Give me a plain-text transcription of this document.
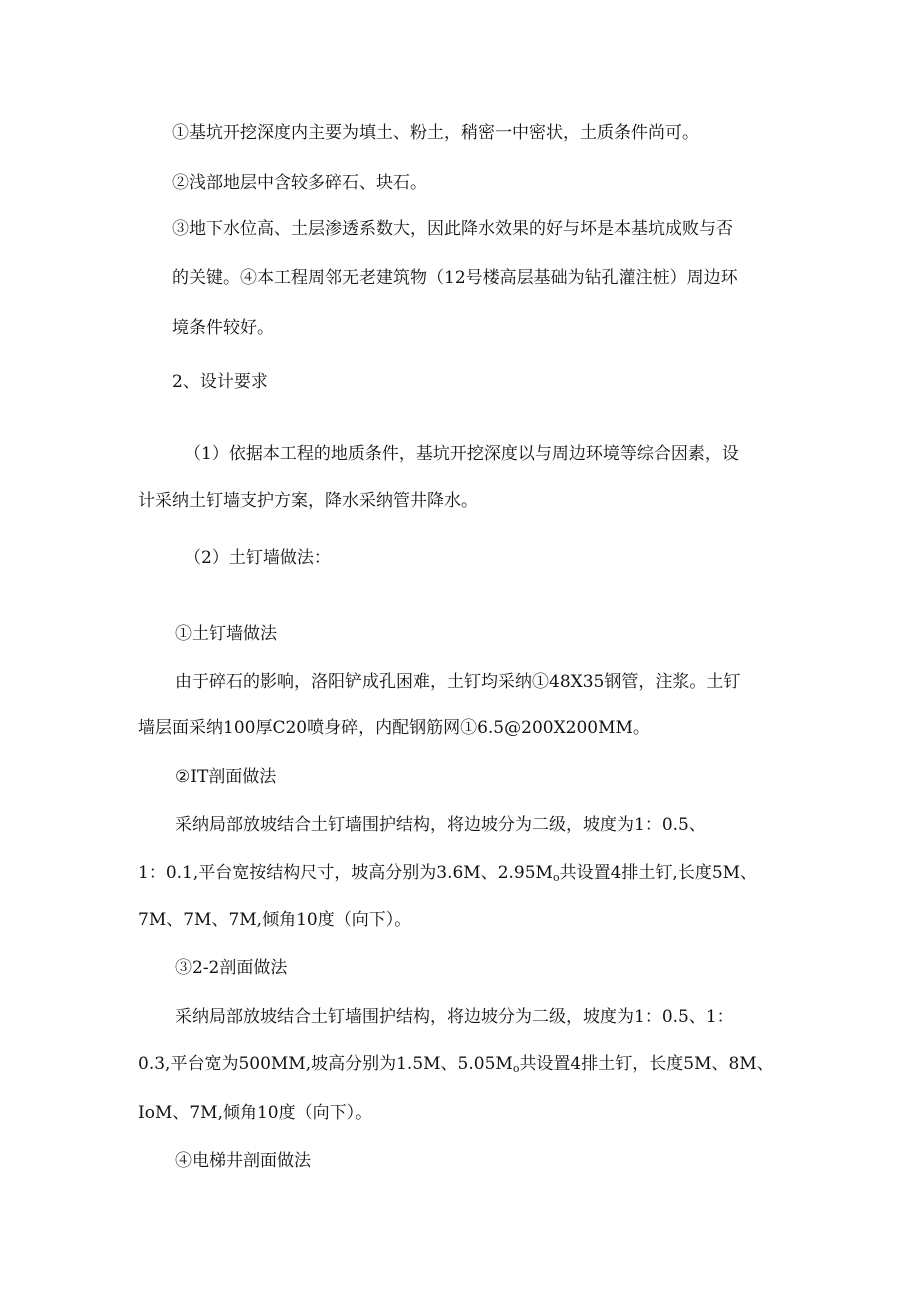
①基坑开挖深度内主要为填土、粉土，稍密一中密状，土质条件尚可。

②浅部地层中含较多碎石、块石。

③地下水位高、土层渗透系数大，因此降水效果的好与坏是本基坑成败与否

的关键。④本工程周邻无老建筑物（12号楼高层基础为钻孔灌注桩）周边环

境条件较好。

2、设计要求

（1）依据本工程的地质条件，基坑开挖深度以与周边环境等综合因素，设

计采纳土钉墙支护方案，降水采纳管井降水。

（2）土钉墙做法：

①土钉墙做法

由于碎石的影响，洛阳铲成孔困难，土钉均采纳①48X35钢管，注浆。土钉

墙层面采纳100厚C20喷身碎，内配钢筋网①6.5@200X200MM。

②IT剖面做法

采纳局部放坡结合土钉墙围护结构，将边坡分为二级，坡度为1：0.5、

1：0.1,平台宽按结构尺寸，坡高分别为3.6M、$2.95M_o$共设置4排土钉,长度5M、

7M、7M、7M,倾角10度（向下）。

③2-2剖面做法

采纳局部放坡结合土钉墙围护结构，将边坡分为二级，坡度为1：0.5、1：

0.3,平台宽为500MM,坡高分别为1.5M、$5.05M_o$共设置4排土钉，长度5M、8M、

IoM、7M,倾角10度（向下）。

④电梯井剖面做法
